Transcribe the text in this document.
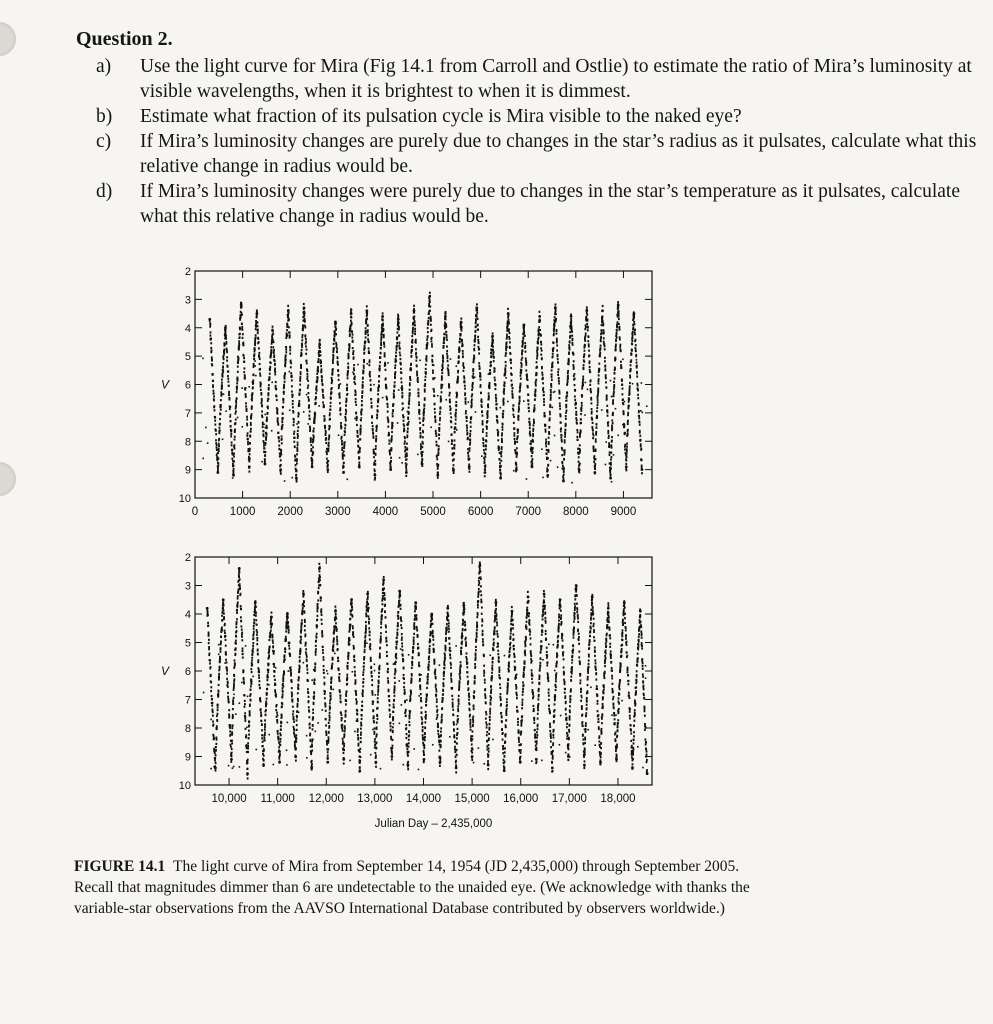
Question 2.
a)	Use the light curve for Mira (Fig 14.1 from Carroll and Ostlie) to estimate the ratio of Mira’s luminosity at visible wavelengths, when it is brightest to when it is dimmest.
b)	Estimate what fraction of its pulsation cycle is Mira visible to the naked eye?
c)	If Mira’s luminosity changes are purely due to changes in the star’s radius as it pulsates, calculate what this relative change in radius would be.
d)	If Mira’s luminosity changes were purely due to changes in the star’s temperature as it pulsates, calculate what this relative change in radius would be.
2
3
4
5
6
7
8
9
10
V
0	1000 2000 3000 4000 5000 6000 7000 8000 9000
2
3
4
5
6
7
8
9
10
V
10,000 11,000 12,000 13,000 14,000 15,000 16,000 17,000 18,000
Julian Day – 2,435,000
FIGURE 14.1 The light curve of Mira from September 14, 1954 (JD 2,435,000) through September 2005. Recall that magnitudes dimmer than 6 are undetectable to the unaided eye. (We acknowledge with thanks the variable-star observations from the AAVSO International Database contributed by observers worldwide.)
